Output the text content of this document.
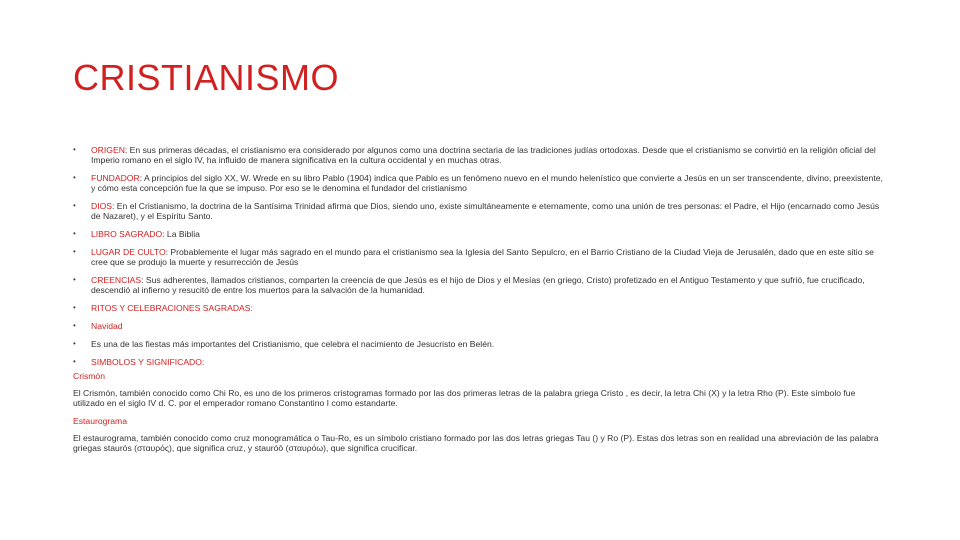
CRISTIANISMO
• ORIGEN: En sus primeras décadas, el cristianismo era considerado por algunos como una doctrina sectaria de las tradiciones judías ortodoxas. Desde que el cristianismo se convirtió en la religión oficial del Imperio romano en el siglo IV, ha influido de manera significativa en la cultura occidental y en muchas otras.
• FUNDADOR: A principios del siglo XX, W. Wrede en su libro Pablo (1904) indica que Pablo es un fenómeno nuevo en el mundo helenístico que convierte a Jesús en un ser transcendente, divino, preexistente, y cómo esta concepción fue la que se impuso. Por eso se le denomina el fundador del cristianismo
• DIOS: En el Cristianismo, la doctrina de la Santísima Trinidad afirma que Dios, siendo uno, existe simultáneamente e eternamente, como una unión de tres personas: el Padre, el Hijo (encarnado como Jesús de Nazaret), y el Espíritu Santo.
• LIBRO SAGRADO: La Biblia
• LUGAR DE CULTO: Probablemente el lugar más sagrado en el mundo para el cristianismo sea la Iglesia del Santo Sepulcro, en el Barrio Cristiano de la Ciudad Vieja de Jerusalén, dado que en este sitio se cree que se produjo la muerte y resurrección de Jesús
• CREENCIAS: Sus adherentes, llamados cristianos, comparten la creencia de que Jesús es el hijo de Dios y el Mesías (en griego, Cristo) profetizado en el Antiguo Testamento y que sufrió, fue crucificado, descendió al infierno y resucitó de entre los muertos para la salvación de la humanidad.
• RITOS Y CELEBRACIONES SAGRADAS:
• Navidad
• Es una de las fiestas más importantes del Cristianismo, que celebra el nacimiento de Jesucristo en Belén.
• SIMBOLOS Y SIGNIFICADO:
Crismón
El Crismón, también conocido como Chi Ro, es uno de los primeros cristogramas formado por las dos primeras letras de la palabra griega Cristo , es decir, la letra Chi (X) y la letra Rho (P). Este símbolo fue utilizado en el siglo IV d. C. por el emperador romano Constantino I como estandarte.
Estaurograma
El estaurograma, también conocido como cruz monogramática o Tau-Ro, es un símbolo cristiano formado por las dos letras griegas Tau () y Ro (P). Estas dos letras son en realidad una abreviación de las palabra griegas staurós (σταυρός), que significa cruz, y stauróō (σταυρόω), que significa crucificar.
